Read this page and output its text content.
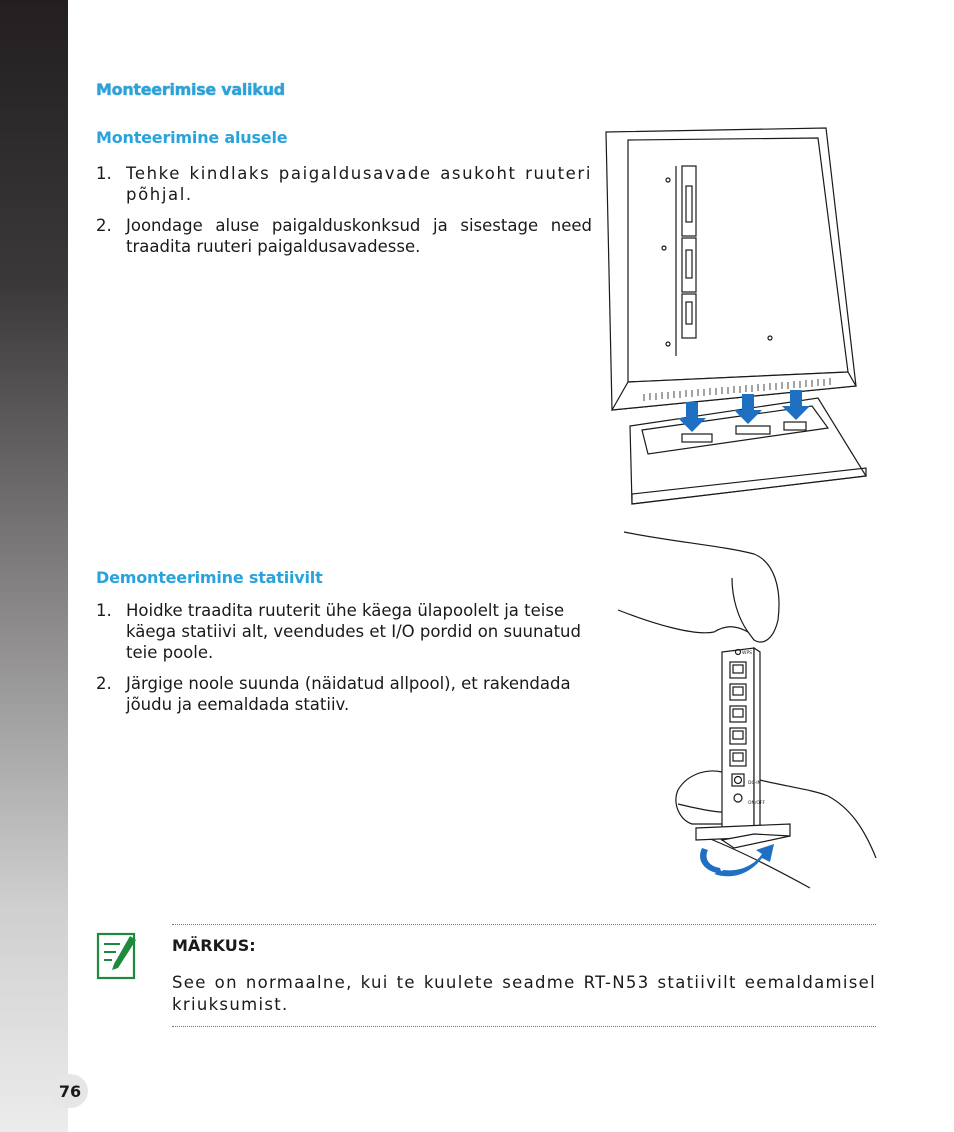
Monteerimise valikud
Monteerimine alusele
1. Tehke kindlaks paigaldusavade asukoht ruuteri põhjal.
2. Joondage aluse paigalduskonksud ja sisestage need traadita ruuteri paigaldusavadesse.
Demonteerimine statiivilt
1. Hoidke traadita ruuterit ühe käega ülapoolelt ja teise käega statiivi alt, veendudes et I/O pordid on suunatud teie poole.
2. Järgige noole suunda (näidatud allpool), et rakendada jõudu ja eemaldada statiiv.
WPS
ON/OFF
DC-IN
MÄRKUS:
See on normaalne, kui te kuulete seadme RT-N53 statiivilt eemaldamisel kriuksumist.
76
